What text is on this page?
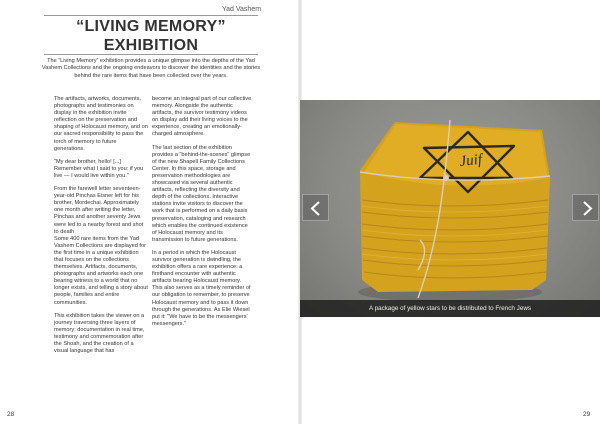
Yad Vashem
“LIVING MEMORY”
EXHIBITION

The “Living Memory” exhibition provides a unique glimpse into the depths of the Yad Vashem Collections and the ongoing endeavors to discover the identities and the stories behind the rare items that have been collected over the years.

The artifacts, artworks, documents, photographs and testimonies on display in the exhibition invite reflection on the preservation and shaping of Holocaust memory, and on our sacred responsibility to pass the torch of memory to future generations.

"My dear brother, hello! [...] Remember what I said to you: if you live — I would live within you."

From the farewell letter seventeen-year-old Pinchas Eisner left for his brother, Mordechai. Approximately one month after writing the letter, Pinchas and another seventy Jews were led to a nearby forest and shot to death
Some 400 rare items from the Yad Vashem Collections are displayed for the first time in a unique exhibition that focuses on the collections themselves. Artifacts, documents, photographs and artworks each one bearing witness to a world that no longer exists, and telling a story about people, families and entire communities.

This exhibition takes the viewer on a journey traversing three layers of memory: documentation in real time, testimony and commemoration after the Shoah, and the creation of a visual language that has

become an integral part of our collective memory. Alongside the authentic artifacts, the survivor testimony videos on display add their living voices to the experience, creating an emotionally-charged atmosphere.

The last section of the exhibition provides a "behind-the-scenes" glimpse of the new Shapell Family Collections Center. In this space, storage and preservation methodologies are showcased via several authentic artifacts, reflecting the diversity and depth of the collections. Interactive stations invite visitors to discover the work that is performed on a daily basis preservation, cataloging and research which enables the continued existence of Holocaust memory and its transmission to future generations.

In a period in which the Holocaust survivor generation is dwindling, the exhibition offers a rare experience: a firsthand encounter with authentic artifacts bearing Holocaust memory. This also serves as a timely reminder of our obligation to remember, to preserve Holocaust memory and to pass it down through the generations. As Elie Wiesel put it: "We have to be the messengers' messengers."

28
Juif
A package of yellow stars to be distributed to French Jews
29
